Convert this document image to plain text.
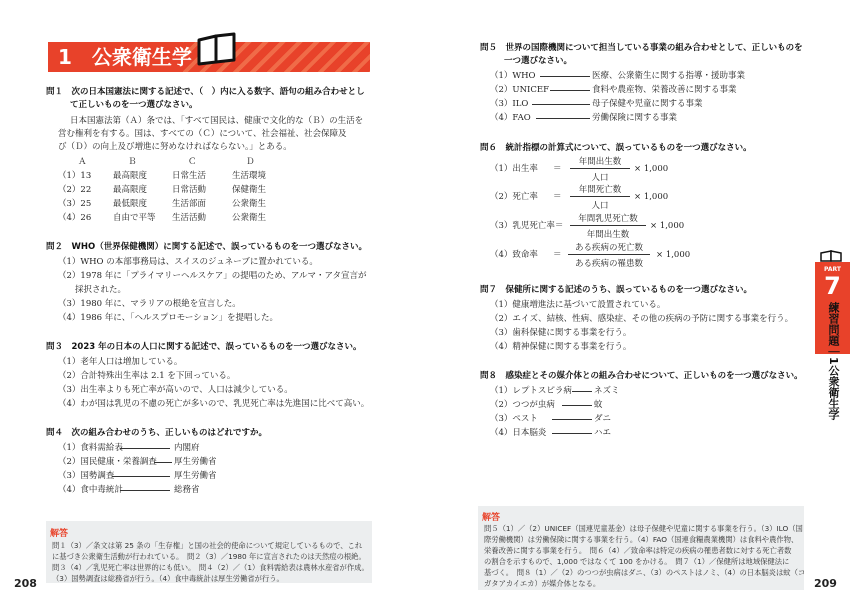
1　公衆衛生学
問１　次の日本国憲法に関する記述で、（　）内に入る数字、語句の組み合わせとし
て正しいものを一つ選びなさい。
日本国憲法第（Ａ）条では、「すべて国民は、健康で文化的な（Ｂ）の生活を
営む権利を有する。国は、すべての（Ｃ）について、社会福祉、社会保障及
び（Ｄ）の向上及び増進に努めなければならない。」とある。
Ａ	Ｂ	Ｃ	Ｄ
（1）13	最高限度	日常生活	生活環境
（2）22	最高限度	日常活動	保健衛生
（3）25	最低限度	生活部面	公衆衛生
（4）26	自由で平等 生活活動	公衆衛生
問２　WHO（世界保健機関）に関する記述で、誤っているものを一つ選びなさい。
（1）WHO の本部事務局は、スイスのジュネーブに置かれている。
（2）1978 年に「プライマリーヘルスケア」の提唱のため、アルマ・アタ宣言が
　　採択された。
（3）1980 年に、マラリアの根絶を宣言した。
（4）1986 年に、「ヘルスプロモーション」を提唱した。
問３　2023 年の日本の人口に関する記述で、誤っているものを一つ選びなさい。
（1）老年人口は増加している。
（2）合計特殊出生率は 2.1 を下回っている。
（3）出生率よりも死亡率が高いので、人口は減少している。
（4）わが国は乳児の不慮の死亡が多いので、乳児死亡率は先進国に比べて高い。
問４　次の組み合わせのうち、正しいものはどれですか。
（1）食料需給表	内閣府
（2）国民健康・栄養調査 厚生労働省
（3）国勢調査	厚生労働省
（4）食中毒統計	総務省
解答
問１（3）／条文は第 25 条の「生存権」と国の社会的使命について規定しているもので、これ
に基づき公衆衛生活動が行われている。　問２（3）／1980 年に宣言されたのは天然痘の根絶。
問３（4）／乳児死亡率は世界的にも低い。　問４（2）／（1）食料需給表は農林水産省が作成。
（3）国勢調査は総務省が行う。（4）食中毒統計は厚生労働省が行う。
208
問５　世界の国際機関について担当している事業の組み合わせとして、正しいものを
一つ選びなさい。
（1）WHO	医療、公衆衛生に関する指導・援助事業
（2）UNICEF	食料や農産物、栄養改善に関する事業
（3）ILO	母子保健や児童に関する事業
（4）FAO	労働保険に関する事業
問６　統計指標の計算式について、誤っているものを一つ選びなさい。
（1）出生率 ＝
年間出生数
人口
× 1,000
（2）死亡率 ＝
年間死亡数
人口
× 1,000
（3）乳児死亡率＝
年間乳児死亡数
年間出生数
× 1,000
（4）致命率 ＝
ある疾病の死亡数
ある疾病の罹患数
× 1,000
問７　保健所に関する記述のうち、誤っているものを一つ選びなさい。
（1）健康増進法に基づいて設置されている。
（2）エイズ、結核、性病、感染症、その他の疾病の予防に関する事業を行う。
（3）歯科保健に関する事業を行う。
（4）精神保健に関する事業を行う。
問８　感染症とその媒介体との組み合わせについて、正しいものを一つ選びなさい。
（1）レプトスピラ病	ネズミ
（2）つつが虫病	蚊
（3）ペスト	ダニ
（4）日本脳炎	ハエ
解答
問５（1）／（2）UNICEF（国連児童基金）は母子保健や児童に関する事業を行う。（3）ILO（国
際労働機関）は労働保険に関する事業を行う。（4）FAO（国連食糧農業機関）は食料や農作物、
栄養改善に関する事業を行う。　問６（4）／致命率は特定の疾病の罹患者数に対する死亡者数
の割合を示すもので、1,000 ではなくて 100 をかける。　問７（1）／保健所は地域保健法に
基づく。　問８（1）／（2）のつつが虫病はダニ、（3）のペストはノミ、（4）の日本脳炎は蚊（コ
ガタアカイエカ）が媒介体となる。	209
PART
7
練習問題｜1公衆衛生学
